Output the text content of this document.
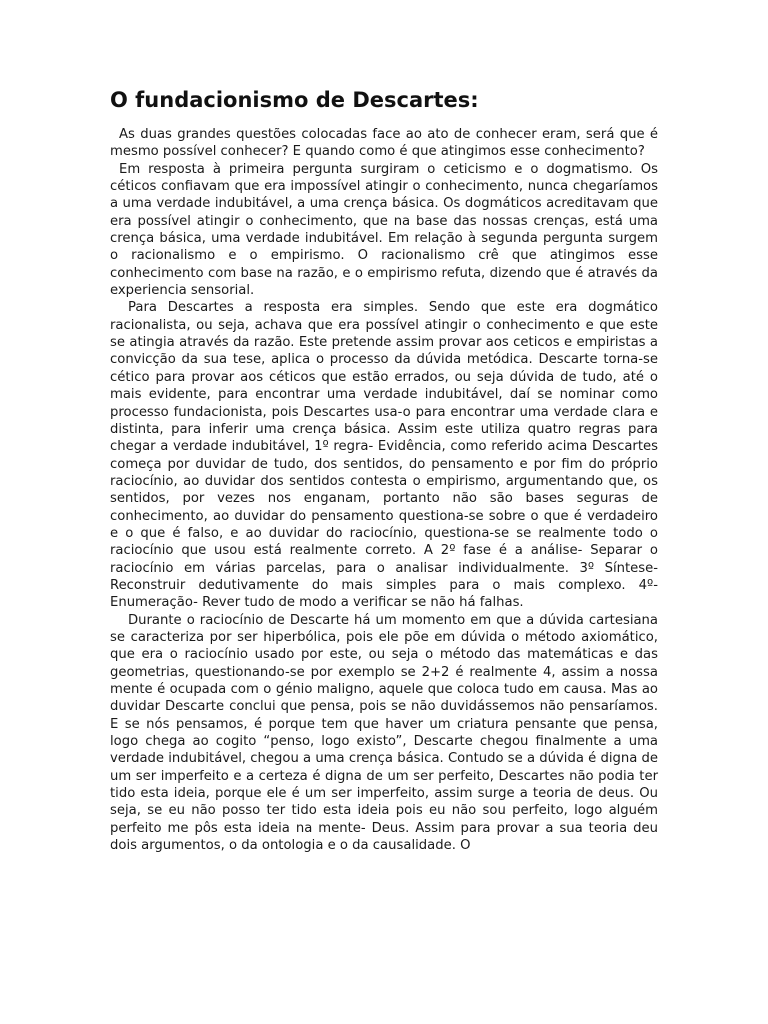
O fundacionismo de Descartes:

As duas grandes questões colocadas face ao ato de conhecer eram, será que é mesmo possível conhecer? E quando como é que atingimos esse conhecimento?

Em resposta à primeira pergunta surgiram o ceticismo e o dogmatismo. Os céticos confiavam que era impossível atingir o conhecimento, nunca chegaríamos a uma verdade indubitável, a uma crença básica. Os dogmáticos acreditavam que era possível atingir o conhecimento, que na base das nossas crenças, está uma crença básica, uma verdade indubitável. Em relação à segunda pergunta surgem o racionalismo e o empirismo. O racionalismo crê que atingimos esse conhecimento com base na razão, e o empirismo refuta, dizendo que é através da experiencia sensorial.

Para Descartes a resposta era simples. Sendo que este era dogmático racionalista, ou seja, achava que era possível atingir o conhecimento e que este se atingia através da razão. Este pretende assim provar aos ceticos e empiristas a convicção da sua tese, aplica o processo da dúvida metódica. Descarte torna-se cético para provar aos céticos que estão errados, ou seja dúvida de tudo, até o mais evidente, para encontrar uma verdade indubitável, daí se nominar como processo fundacionista, pois Descartes usa-o para encontrar uma verdade clara e distinta, para inferir uma crença básica. Assim este utiliza quatro regras para chegar a verdade indubitável, 1º regra- Evidência, como referido acima Descartes começa por duvidar de tudo, dos sentidos, do pensamento e por fim do próprio raciocínio, ao duvidar dos sentidos contesta o empirismo, argumentando que, os sentidos, por vezes nos enganam, portanto não são bases seguras de conhecimento, ao duvidar do pensamento questiona-se sobre o que é verdadeiro e o que é falso, e ao duvidar do raciocínio, questiona-se se realmente todo o raciocínio que usou está realmente correto. A 2º fase é a análise- Separar o raciocínio em várias parcelas, para o analisar individualmente. 3º Síntese- Reconstruir dedutivamente do mais simples para o mais complexo. 4º-Enumeração- Rever tudo de modo a verificar se não há falhas.

Durante o raciocínio de Descarte há um momento em que a dúvida cartesiana se caracteriza por ser hiperbólica, pois ele põe em dúvida o método axiomático, que era o raciocínio usado por este, ou seja o método das matemáticas e das geometrias, questionando-se por exemplo se 2+2 é realmente 4, assim a nossa mente é ocupada com o génio maligno, aquele que coloca tudo em causa. Mas ao duvidar Descarte conclui que pensa, pois se não duvidássemos não pensaríamos. E se nós pensamos, é porque tem que haver um criatura pensante que pensa, logo chega ao cogito “penso, logo existo”, Descarte chegou finalmente a uma verdade indubitável, chegou a uma crença básica. Contudo se a dúvida é digna de um ser imperfeito e a certeza é digna de um ser perfeito, Descartes não podia ter tido esta ideia, porque ele é um ser imperfeito, assim surge a teoria de deus. Ou seja, se eu não posso ter tido esta ideia pois eu não sou perfeito, logo alguém perfeito me pôs esta ideia na mente- Deus. Assim para provar a sua teoria deu dois argumentos, o da ontologia e o da causalidade. O
